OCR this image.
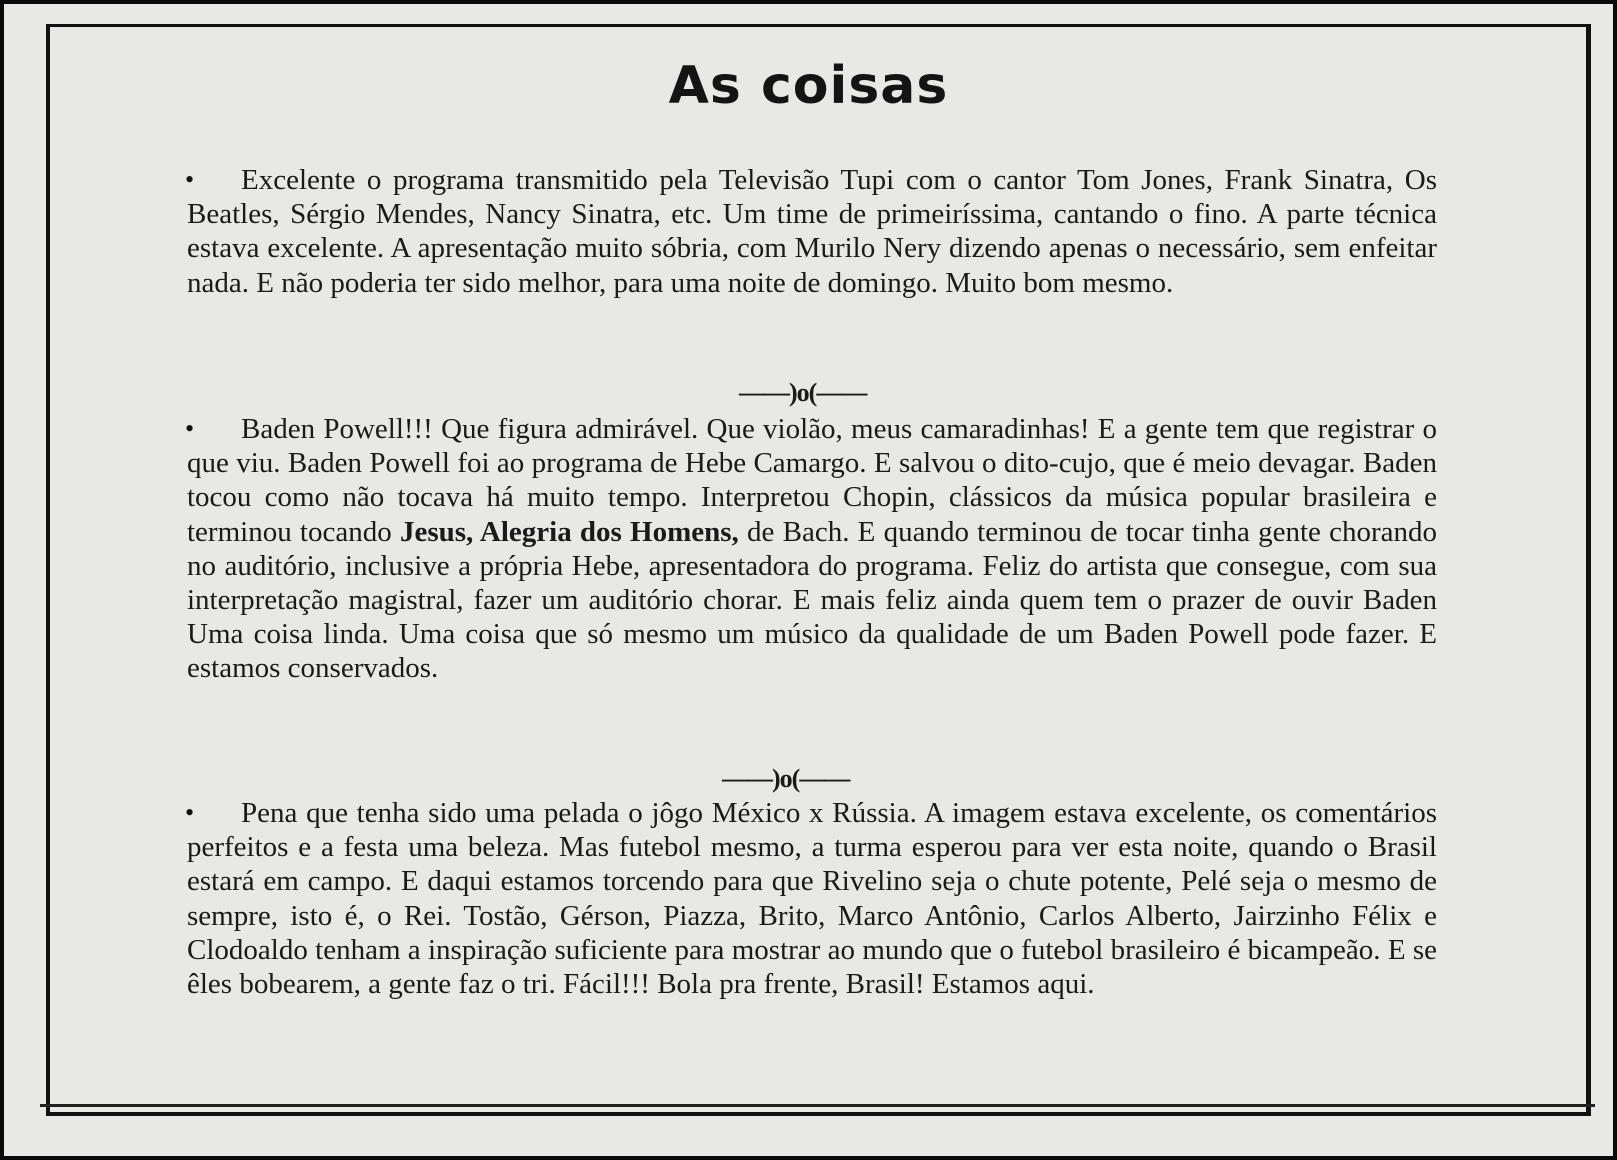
As coisas

• Excelente o programa transmitido pela Televisão Tupi com o cantor Tom Jones, Frank Sinatra, Os Beatles, Sérgio Mendes, Nancy Sinatra, etc. Um time de primeiríssima, cantando o fino. A parte técnica estava excelente. A apresentação muito sóbria, com Murilo Nery dizendo apenas o necessário, sem enfeitar nada. E não poderia ter sido melhor, para uma noite de domingo. Muito bom mesmo.

——)o(——

• Baden Powell!!! Que figura admirável. Que violão, meus camaradinhas! E a gente tem que registrar o que viu. Baden Powell foi ao programa de Hebe Camargo. E salvou o dito-cujo, que é meio devagar. Baden tocou como não tocava há muito tempo. Interpretou Chopin, clássicos da música popular brasileira e terminou tocando Jesus, Alegria dos Homens, de Bach. E quando terminou de tocar tinha gente chorando no auditório, inclusive a própria Hebe, apresentadora do programa. Feliz do artista que consegue, com sua interpretação magistral, fazer um auditório chorar. E mais feliz ainda quem tem o prazer de ouvir Baden Uma coisa linda. Uma coisa que só mesmo um músico da qualidade de um Baden Powell pode fazer. E estamos conservados.

——)o(——

• Pena que tenha sido uma pelada o jôgo México x Rússia. A imagem estava excelente, os comentários perfeitos e a festa uma beleza. Mas futebol mesmo, a turma esperou para ver esta noite, quando o Brasil estará em campo. E daqui estamos torcendo para que Rivelino seja o chute potente, Pelé seja o mesmo de sempre, isto é, o Rei. Tostão, Gérson, Piazza, Brito, Marco Antônio, Carlos Alberto, Jairzinho Félix e Clodoaldo tenham a inspiração suficiente para mostrar ao mundo que o futebol brasileiro é bicampeão. E se êles bobearem, a gente faz o tri. Fácil!!! Bola pra frente, Brasil! Estamos aqui.
